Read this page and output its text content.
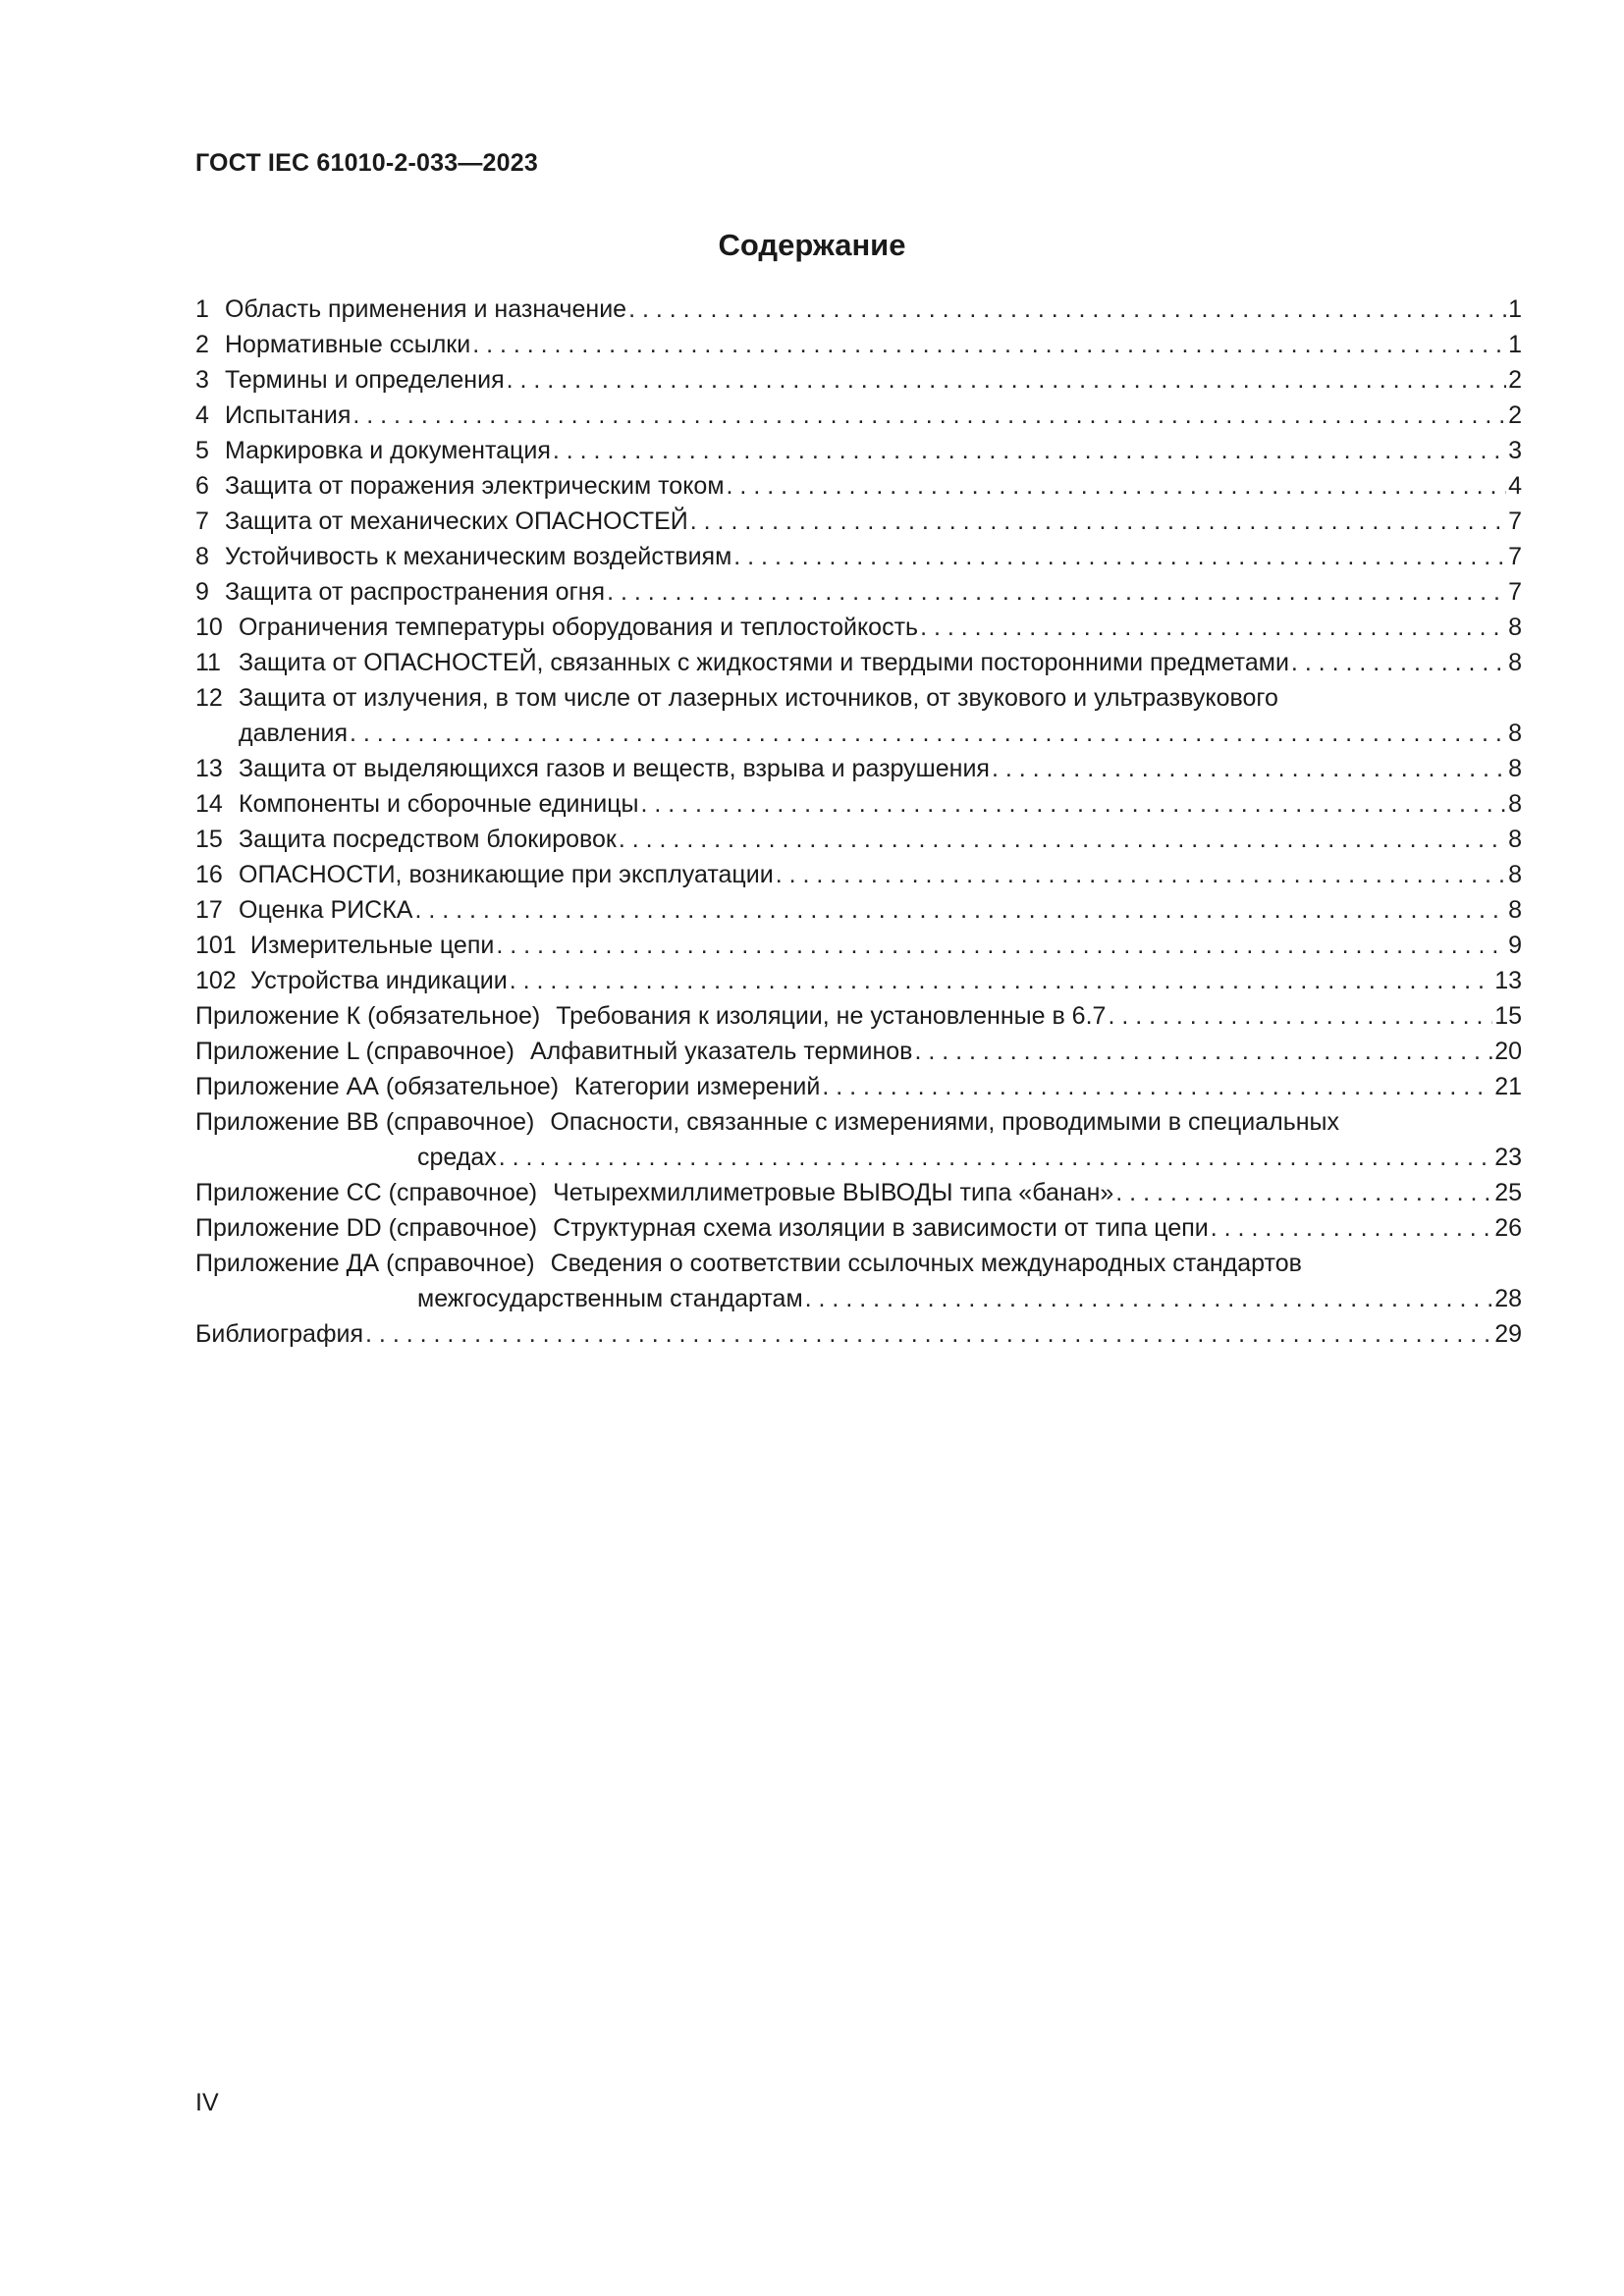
ГОСТ IEC 61010-2-033—2023
Содержание
1 Область применения и назначение . . .	1
2 Нормативные ссылки . . .	1
3 Термины и определения . . .	2
4 Испытания . . .	2
5 Маркировка и документация . . .	3
6 Защита от поражения электрическим током . . .	4
7 Защита от механических ОПАСНОСТЕЙ . . .	7
8 Устойчивость к механическим воздействиям . . .	7
9 Защита от распространения огня . . .	7
10 Ограничения температуры оборудования и теплостойкость . . .	8
11 Защита от ОПАСНОСТЕЙ, связанных с жидкостями и твердыми посторонними предметами . . .	8
12 Защита от излучения, в том числе от лазерных источников, от звукового и ультразвукового
давления . . .	8
13 Защита от выделяющихся газов и веществ, взрыва и разрушения . . .	8
14 Компоненты и сборочные единицы . . .	8
15 Защита посредством блокировок . . .	8
16 ОПАСНОСТИ, возникающие при эксплуатации . . .	8
17 Оценка РИСКА . . .	8
101 Измерительные цепи . . .	9
102 Устройства индикации . . .	13
Приложение К (обязательное) Требования к изоляции, не установленные в 6.7 . . .	15
Приложение L (справочное) Алфавитный указатель терминов . . .	20
Приложение АА (обязательное) Категории измерений . . .	21
Приложение ВВ (справочное) Опасности, связанные с измерениями, проводимыми в специальных
средах . . .	23
Приложение СС (справочное) Четырехмиллиметровые ВЫВОДЫ типа «банан» . . .	25
Приложение DD (справочное) Структурная схема изоляции в зависимости от типа цепи . . .	26
Приложение ДА (справочное) Сведения о соответствии ссылочных международных стандартов
межгосударственным стандартам . . .	28
Библиография . . .	29
IV
